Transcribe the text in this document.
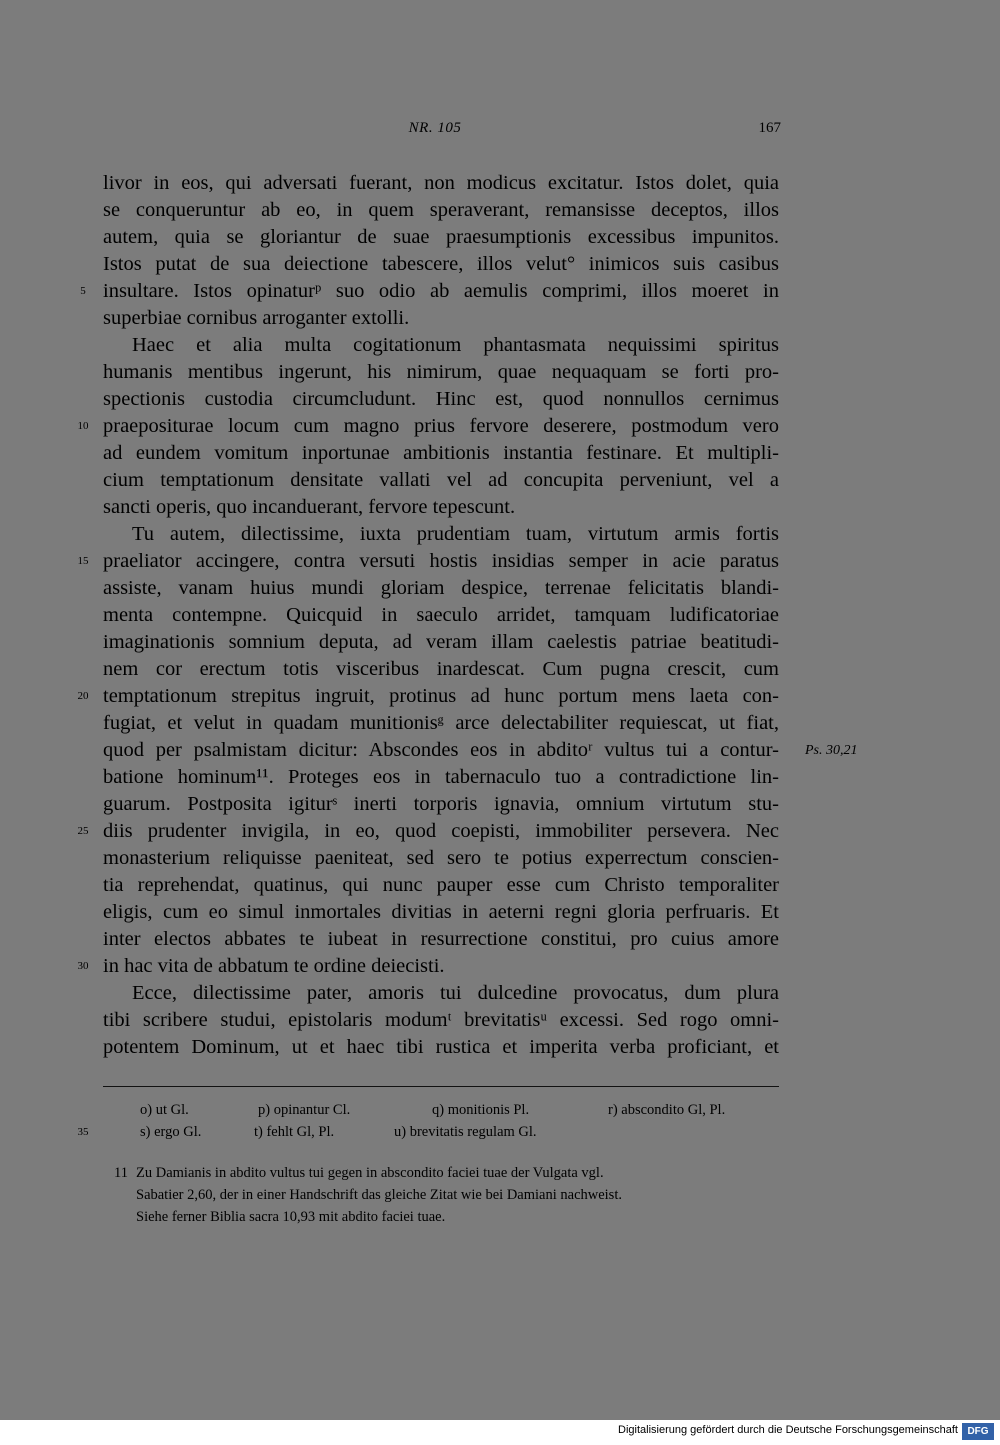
NR. 105	167
livor in eos, qui adversati fuerant, non modicus excitatur. Istos dolet, quia
se conqueruntur ab eo, in quem speraverant, remansisse deceptos, illos
autem, quia se gloriantur de suae praesumptionis excessibus impunitos.
Istos putat de sua deiectione tabescere, illos velut° inimicos suis casibus
insultare. Istos opinaturᵖ suo odio ab aemulis comprimi, illos moeret in
superbiae cornibus arroganter extolli.
Haec et alia multa cogitationum phantasmata nequissimi spiritus
humanis mentibus ingerunt, his nimirum, quae nequaquam se forti pro-
spectionis custodia circumcludunt. Hinc est, quod nonnullos cernimus
praepositurae locum cum magno prius fervore deserere, postmodum vero
ad eundem vomitum inportunae ambitionis instantia festinare. Et multipli-
cium temptationum densitate vallati vel ad concupita perveniunt, vel a
sancti operis, quo incanduerant, fervore tepescunt.
Tu autem, dilectissime, iuxta prudentiam tuam, virtutum armis fortis
praeliator accingere, contra versuti hostis insidias semper in acie paratus
assiste, vanam huius mundi gloriam despice, terrenae felicitatis blandi-
menta contempne. Quicquid in saeculo arridet, tamquam ludificatoriae
imaginationis somnium deputa, ad veram illam caelestis patriae beatitudi-
nem cor erectum totis visceribus inardescat. Cum pugna crescit, cum
temptationum strepitus ingruit, protinus ad hunc portum mens laeta con-
fugiat, et velut in quadam munitionisᵍ arce delectabiliter requiescat, ut fiat,
quod per psalmistam dicitur: Abscondes eos in abditoʳ vultus tui a contur-
batione hominum¹¹. Proteges eos in tabernaculo tuo a contradictione lin-
guarum. Postposita igiturˢ inerti torporis ignavia, omnium virtutum stu-
diis prudenter invigila, in eo, quod coepisti, immobiliter persevera. Nec
monasterium reliquisse paeniteat, sed sero te potius experrectum conscien-
tia reprehendat, quatinus, qui nunc pauper esse cum Christo temporaliter
eligis, cum eo simul inmortales divitias in aeterni regni gloria perfruaris. Et
inter electos abbates te iubeat in resurrectione constitui, pro cuius amore
in hac vita de abbatum te ordine deiecisti.
Ecce, dilectissime pater, amoris tui dulcedine provocatus, dum plura
tibi scribere studui, epistolaris modumᵗ brevitatisᵘ excessi. Sed rogo omni-
potentem Dominum, ut et haec tibi rustica et imperita verba proficiant, et
5
10
15
20
25
30
Ps. 30,21
o) ut Gl.	p) opinantur Cl.	q) monitionis Pl.	r) abscondito Gl, Pl.
35	s) ergo Gl.	t) fehlt Gl, Pl.	u) brevitatis regulam Gl.
11 Zu Damianis in abdito vultus tui gegen in abscondito faciei tuae der Vulgata vgl.
Sabatier 2,60, der in einer Handschrift das gleiche Zitat wie bei Damiani nachweist.
Siehe ferner Biblia sacra 10,93 mit abdito faciei tuae.
Digitalisierung gefördert durch die Deutsche Forschungsgemeinschaft DFG
